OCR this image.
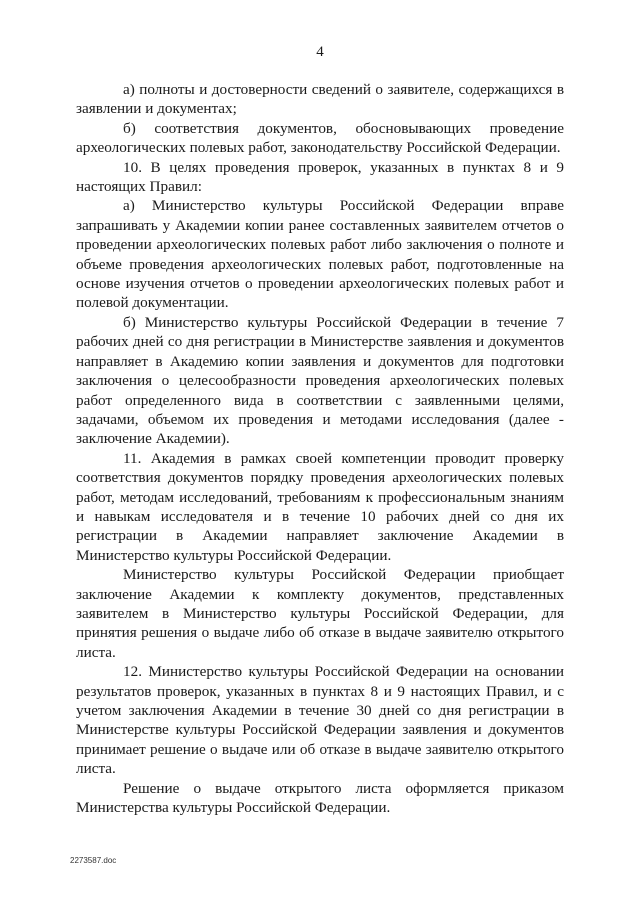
4

а) полноты и достоверности сведений о заявителе, содержащихся в заявлении и документах;

б) соответствия документов, обосновывающих проведение археологических полевых работ, законодательству Российской Федерации.

10. В целях проведения проверок, указанных в пунктах 8 и 9 настоящих Правил:

а) Министерство культуры Российской Федерации вправе запрашивать у Академии копии ранее составленных заявителем отчетов о проведении археологических полевых работ либо заключения о полноте и объеме проведения археологических полевых работ, подготовленные на основе изучения отчетов о проведении археологических полевых работ и полевой документации.

б) Министерство культуры Российской Федерации в течение 7 рабочих дней со дня регистрации в Министерстве заявления и документов направляет в Академию копии заявления и документов для подготовки заключения о целесообразности проведения археологических полевых работ определенного вида в соответствии с заявленными целями, задачами, объемом их проведения и методами исследования (далее - заключение Академии).

11. Академия в рамках своей компетенции проводит проверку соответствия документов порядку проведения археологических полевых работ, методам исследований, требованиям к профессиональным знаниям и навыкам исследователя и в течение 10 рабочих дней со дня их регистрации в Академии направляет заключение Академии в Министерство культуры Российской Федерации.

Министерство культуры Российской Федерации приобщает заключение Академии к комплекту документов, представленных заявителем в Министерство культуры Российской Федерации, для принятия решения о выдаче либо об отказе в выдаче заявителю открытого листа.

12. Министерство культуры Российской Федерации на основании результатов проверок, указанных в пунктах 8 и 9 настоящих Правил, и с учетом заключения Академии в течение 30 дней со дня регистрации в Министерстве культуры Российской Федерации заявления и документов принимает решение о выдаче или об отказе в выдаче заявителю открытого листа.

Решение о выдаче открытого листа оформляется приказом Министерства культуры Российской Федерации.

2273587.doc
